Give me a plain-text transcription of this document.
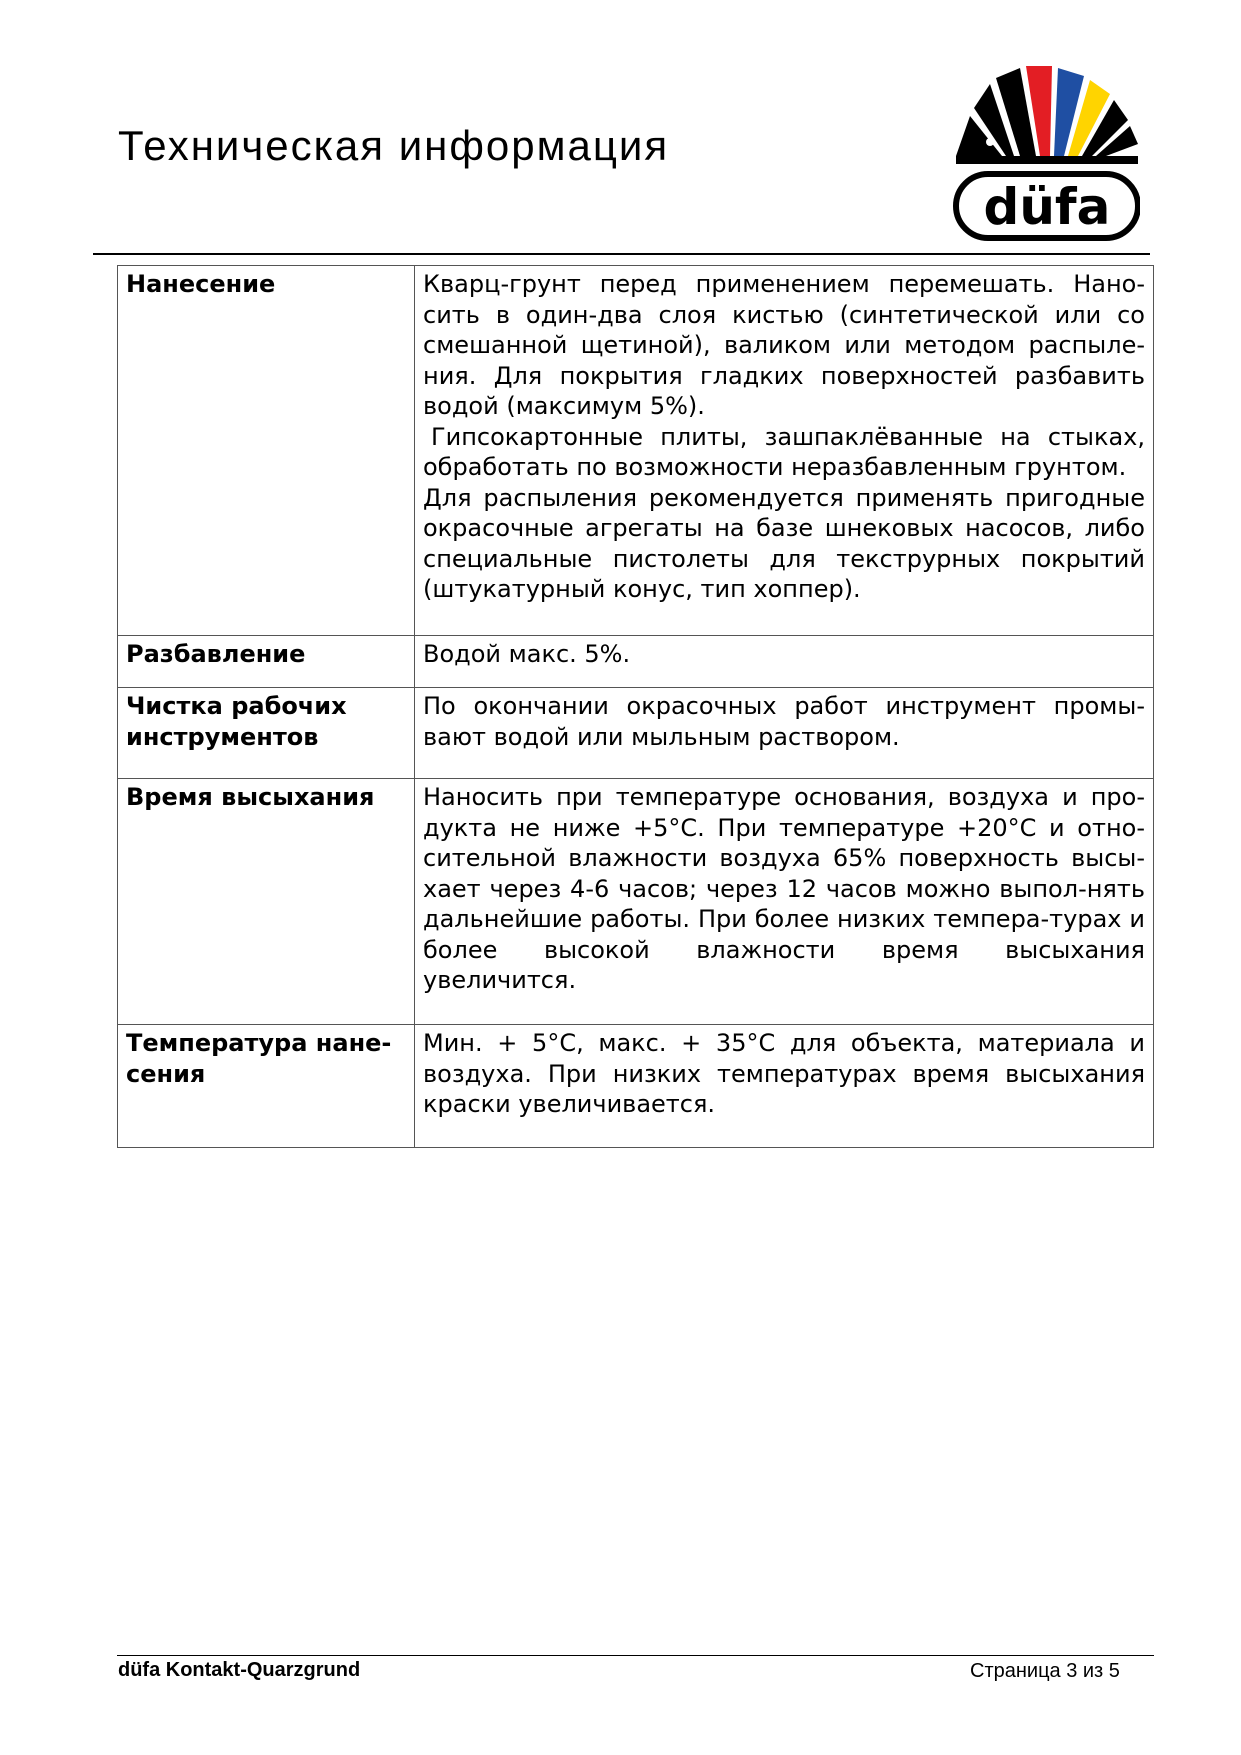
Техническая информация
düfa
Нанесение	Кварц-грунт перед применением перемешать. Нано-сить в один-два слоя кистью (синтетической или со смешанной щетиной), валиком или методом распыле-ния. Для покрытия гладких поверхностей разбавить водой (максимум 5%).

Гипсокартонные плиты, зашпаклёванные на стыках, обработать по возможности неразбавленным грунтом.

Для распыления рекомендуется применять пригодные окрасочные агрегаты на базе шнековых насосов, либо специальные пистолеты для текструрных покрытий (штукатурный конус, тип хоппер).

Разбавление	Водой макс. 5%.
Чистка рабочих инструментов	По окончании окрасочных работ инструмент промы-вают водой или мыльным раствором.
Время высыхания	Наносить при температуре основания, воздуха и про-дукта не ниже +5°С. При температуре +20°С и отно-сительной влажности воздуха 65% поверхность высы-хает через 4-6 часов; через 12 часов можно выпол-нять дальнейшие работы. При более низких темпера-турах и более высокой влажности время высыхания увеличится.
Температура нане-сения	Мин. + 5°С, макс. + 35°С для объекта, материала и воздуха. При низких температурах время высыхания краски увеличивается.
düfa Kontakt-Quarzgrund	Страница 3 из 5
